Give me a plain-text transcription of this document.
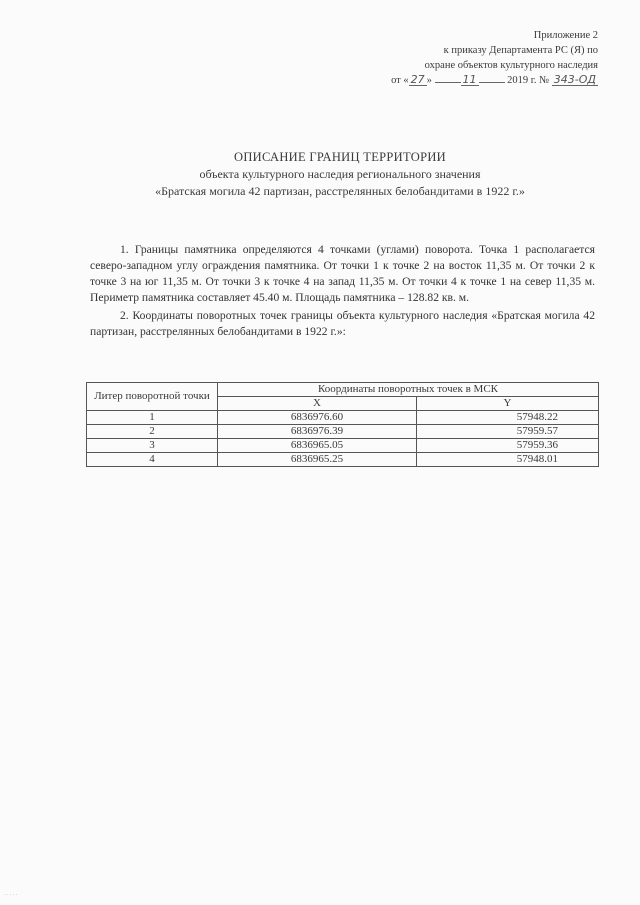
Приложение 2
к приказу Департамента РС (Я) по
охране объектов культурного наследия
от « 27 »	11	2019 г. № 343-ОД
ОПИСАНИЕ ГРАНИЦ ТЕРРИТОРИИ
объекта культурного наследия регионального значения
«Братская могила 42 партизан, расстрелянных белобандитами в 1922 г.»

1. Границы памятника определяются 4 точками (углами) поворота. Точка 1 располагается северо-западном углу ограждения памятника. От точки 1 к точке 2 на восток 11,35 м. От точки 2 к точке 3 на юг 11,35 м. От точки 3 к точке 4 на запад 11,35 м. От точки 4 к точке 1 на север 11,35 м. Периметр памятника составляет 45.40 м. Площадь памятника – 128.82 кв. м.

2. Координаты поворотных точек границы объекта культурного наследия «Братская могила 42 партизан, расстрелянных белобандитами в 1922 г.»:

Литер поворотной точки	Координаты поворотных точек в МСК	
	X	Y
1	6836976.60	57948.22
2	6836976.39	57959.57
3	6836965.05	57959.36
4	6836965.25	57948.01
·····
